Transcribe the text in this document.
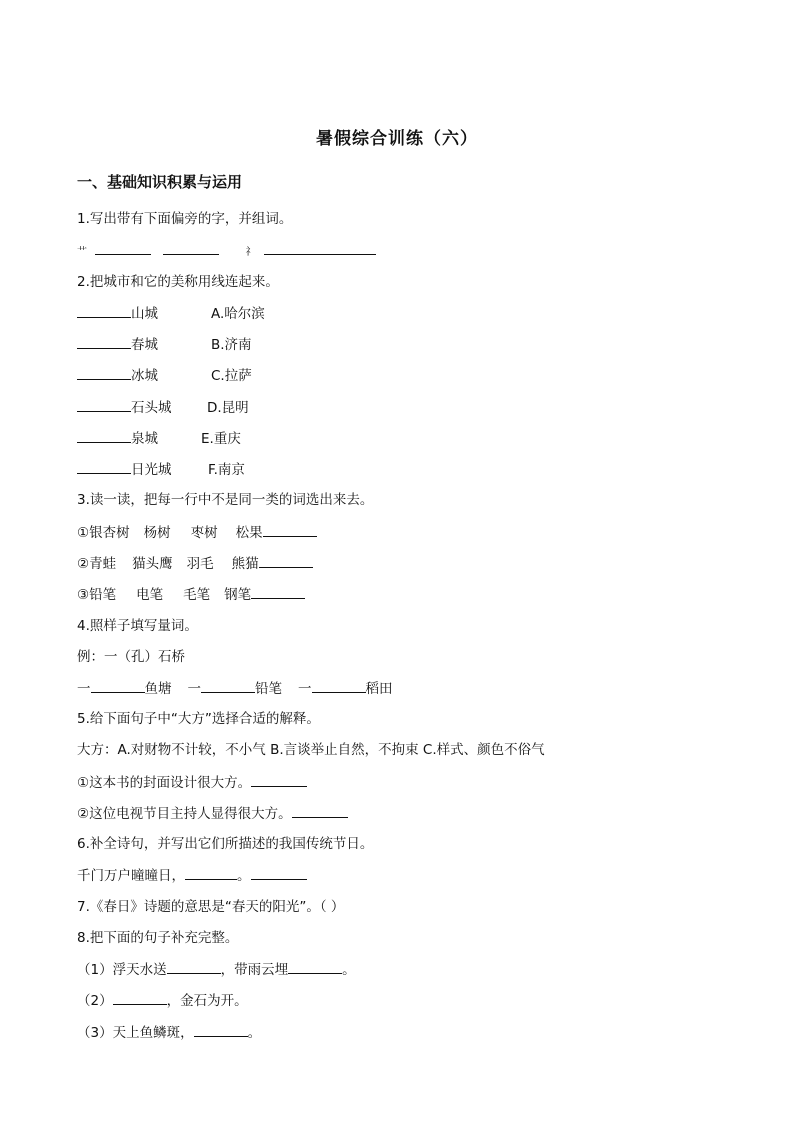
暑假综合训练（六）
一、基础知识积累与运用
1.写出带有下面偏旁的字，并组词。
艹	礻
2.把城市和它的美称用线连起来。
山城	A.哈尔滨
春城	B.济南
冰城	C.拉萨
石头城	D.昆明
泉城	E.重庆
日光城	F.南京
3.读一读，把每一行中不是同一类的词选出来去。
①银杏树 杨树 枣树 松果
②青蛙 猫头鹰 羽毛 熊猫
③铅笔 电笔 毛笔 钢笔
4.照样子填写量词。
例：一（孔）石桥
一	鱼塘 一	铅笔 一	稻田
5.给下面句子中“大方”选择合适的解释。
大方：A.对财物不计较，不小气 B.言谈举止自然，不拘束 C.样式、颜色不俗气
①这本书的封面设计很大方。
②这位电视节目主持人显得很大方。
6.补全诗句，并写出它们所描述的我国传统节日。
千门万户曈曈日，	。
7.《春日》诗题的意思是“春天的阳光”。（ ）
8.把下面的句子补充完整。
（1）浮天水送	，带雨云埋	。
（2）	，金石为开。
（3）天上鱼鳞斑，	。
